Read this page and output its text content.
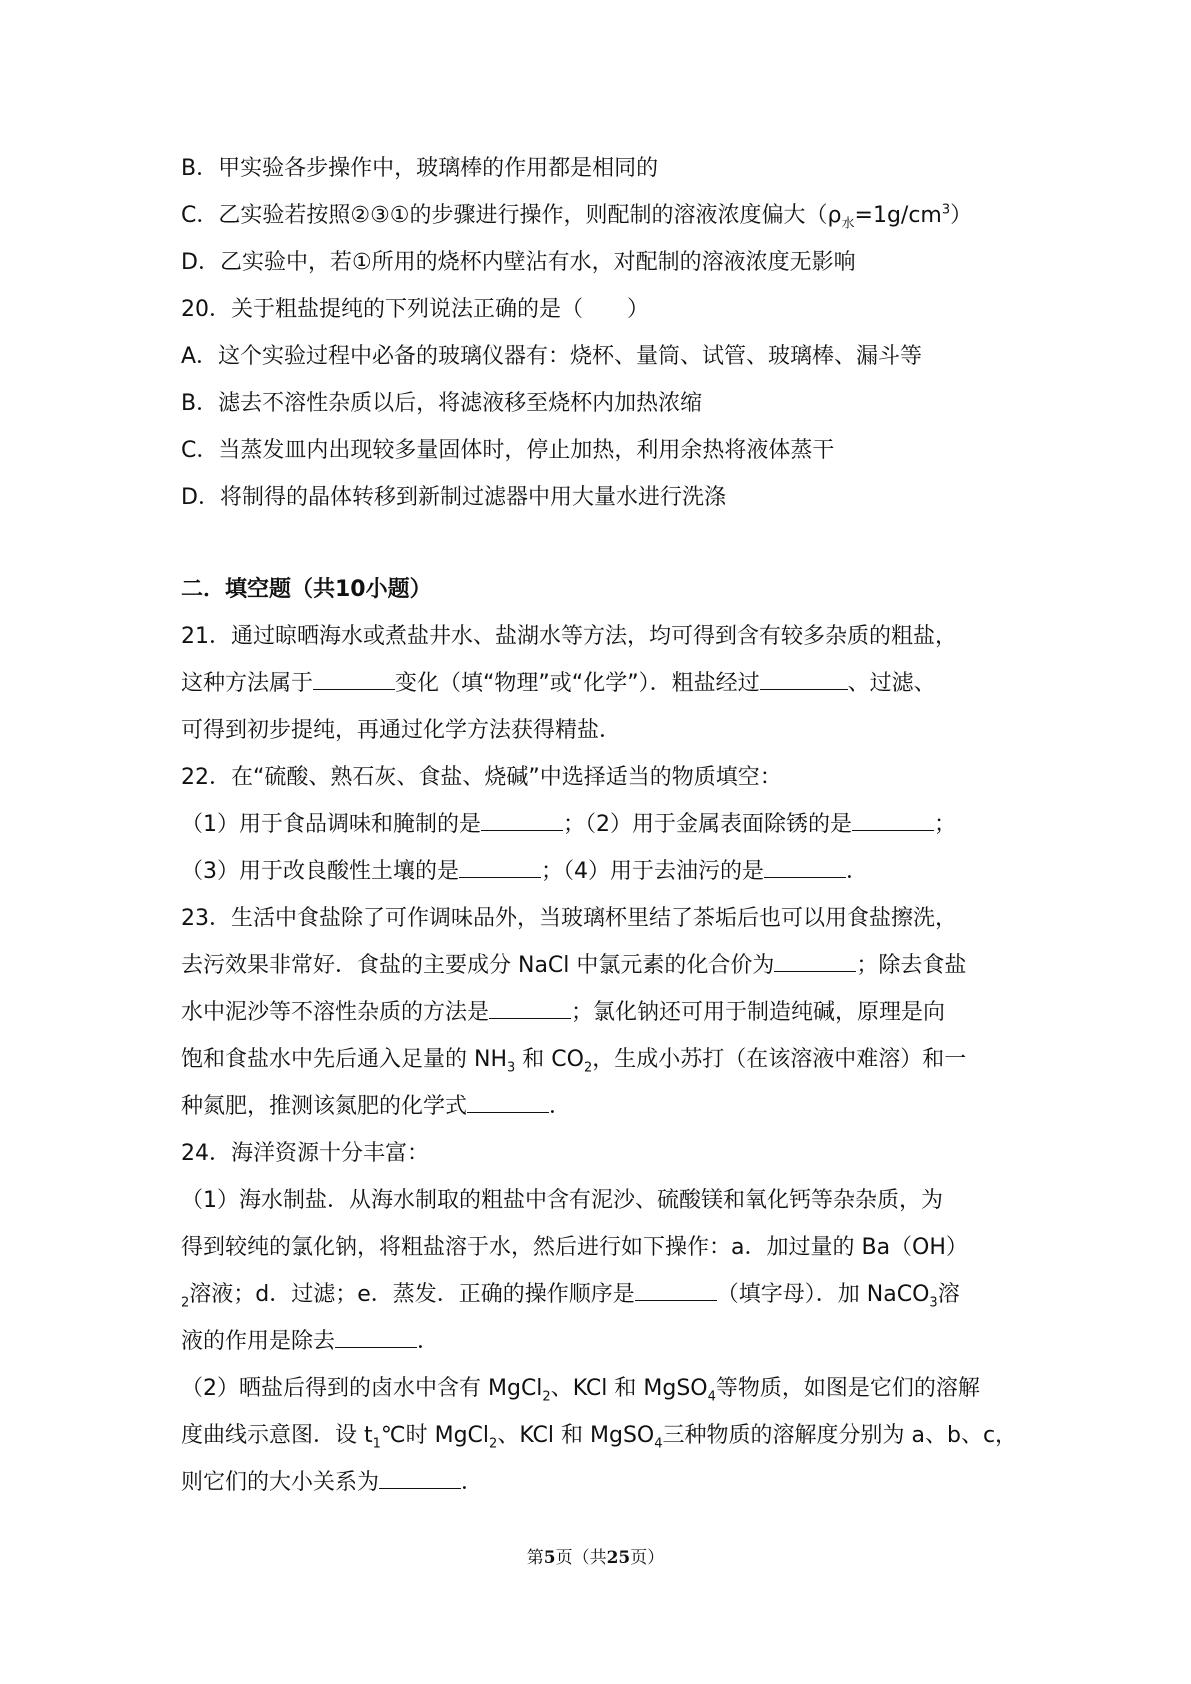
B．甲实验各步操作中，玻璃棒的作用都是相同的
C．乙实验若按照②③①的步骤进行操作，则配制的溶液浓度偏大$(\rho_水=1g/cm^3)$
D．乙实验中，若①所用的烧杯内壁沾有水，对配制的溶液浓度无影响
20．关于粗盐提纯的下列说法正确的是（　　）
A．这个实验过程中必备的玻璃仪器有：烧杯、量筒、试管、玻璃棒、漏斗等
B．滤去不溶性杂质以后，将滤液移至烧杯内加热浓缩
C．当蒸发皿内出现较多量固体时，停止加热，利用余热将液体蒸干
D．将制得的晶体转移到新制过滤器中用大量水进行洗涤
二．填空题（共10小题）
21．通过晾晒海水或煮盐井水、盐湖水等方法，均可得到含有较多杂质的粗盐，
这种方法属于	变化（填“物理”或“化学”）．粗盐经过	、过滤、
可得到初步提纯，再通过化学方法获得精盐．
22．在“硫酸、熟石灰、食盐、烧碱”中选择适当的物质填空：
（1）用于食品调味和腌制的是	；（2）用于金属表面除锈的是	；
（3）用于改良酸性土壤的是	；（4）用于去油污的是	．
23．生活中食盐除了可作调味品外，当玻璃杯里结了茶垢后也可以用食盐擦洗，
去污效果非常好．食盐的主要成分 NaCl 中氯元素的化合价为	；除去食盐
水中泥沙等不溶性杂质的方法是	；氯化钠还可用于制造纯碱，原理是向
饱和食盐水中先后通入足量的 $NH_3$ 和 $CO_2$，生成小苏打（在该溶液中难溶）和一
种氮肥，推测该氮肥的化学式	．
24．海洋资源十分丰富：
（1）海水制盐．从海水制取的粗盐中含有泥沙、硫酸镁和氧化钙等杂杂质，为
得到较纯的氯化钠，将粗盐溶于水，然后进行如下操作：a．加过量的 Ba（OH）
$_2$溶液；d．过滤；e．蒸发．正确的操作顺序是	（填字母）．加 NaCO$_3$溶
液的作用是除去	．
（2）晒盐后得到的卤水中含有 MgCl$_2$、KCl 和 MgSO$_4$等物质，如图是它们的溶解
度曲线示意图．设 $t_1℃$时 MgCl$_2$、KCl 和 MgSO$_4$三种物质的溶解度分别为 a、b、c，
则它们的大小关系为	．
第5页（共25页）
